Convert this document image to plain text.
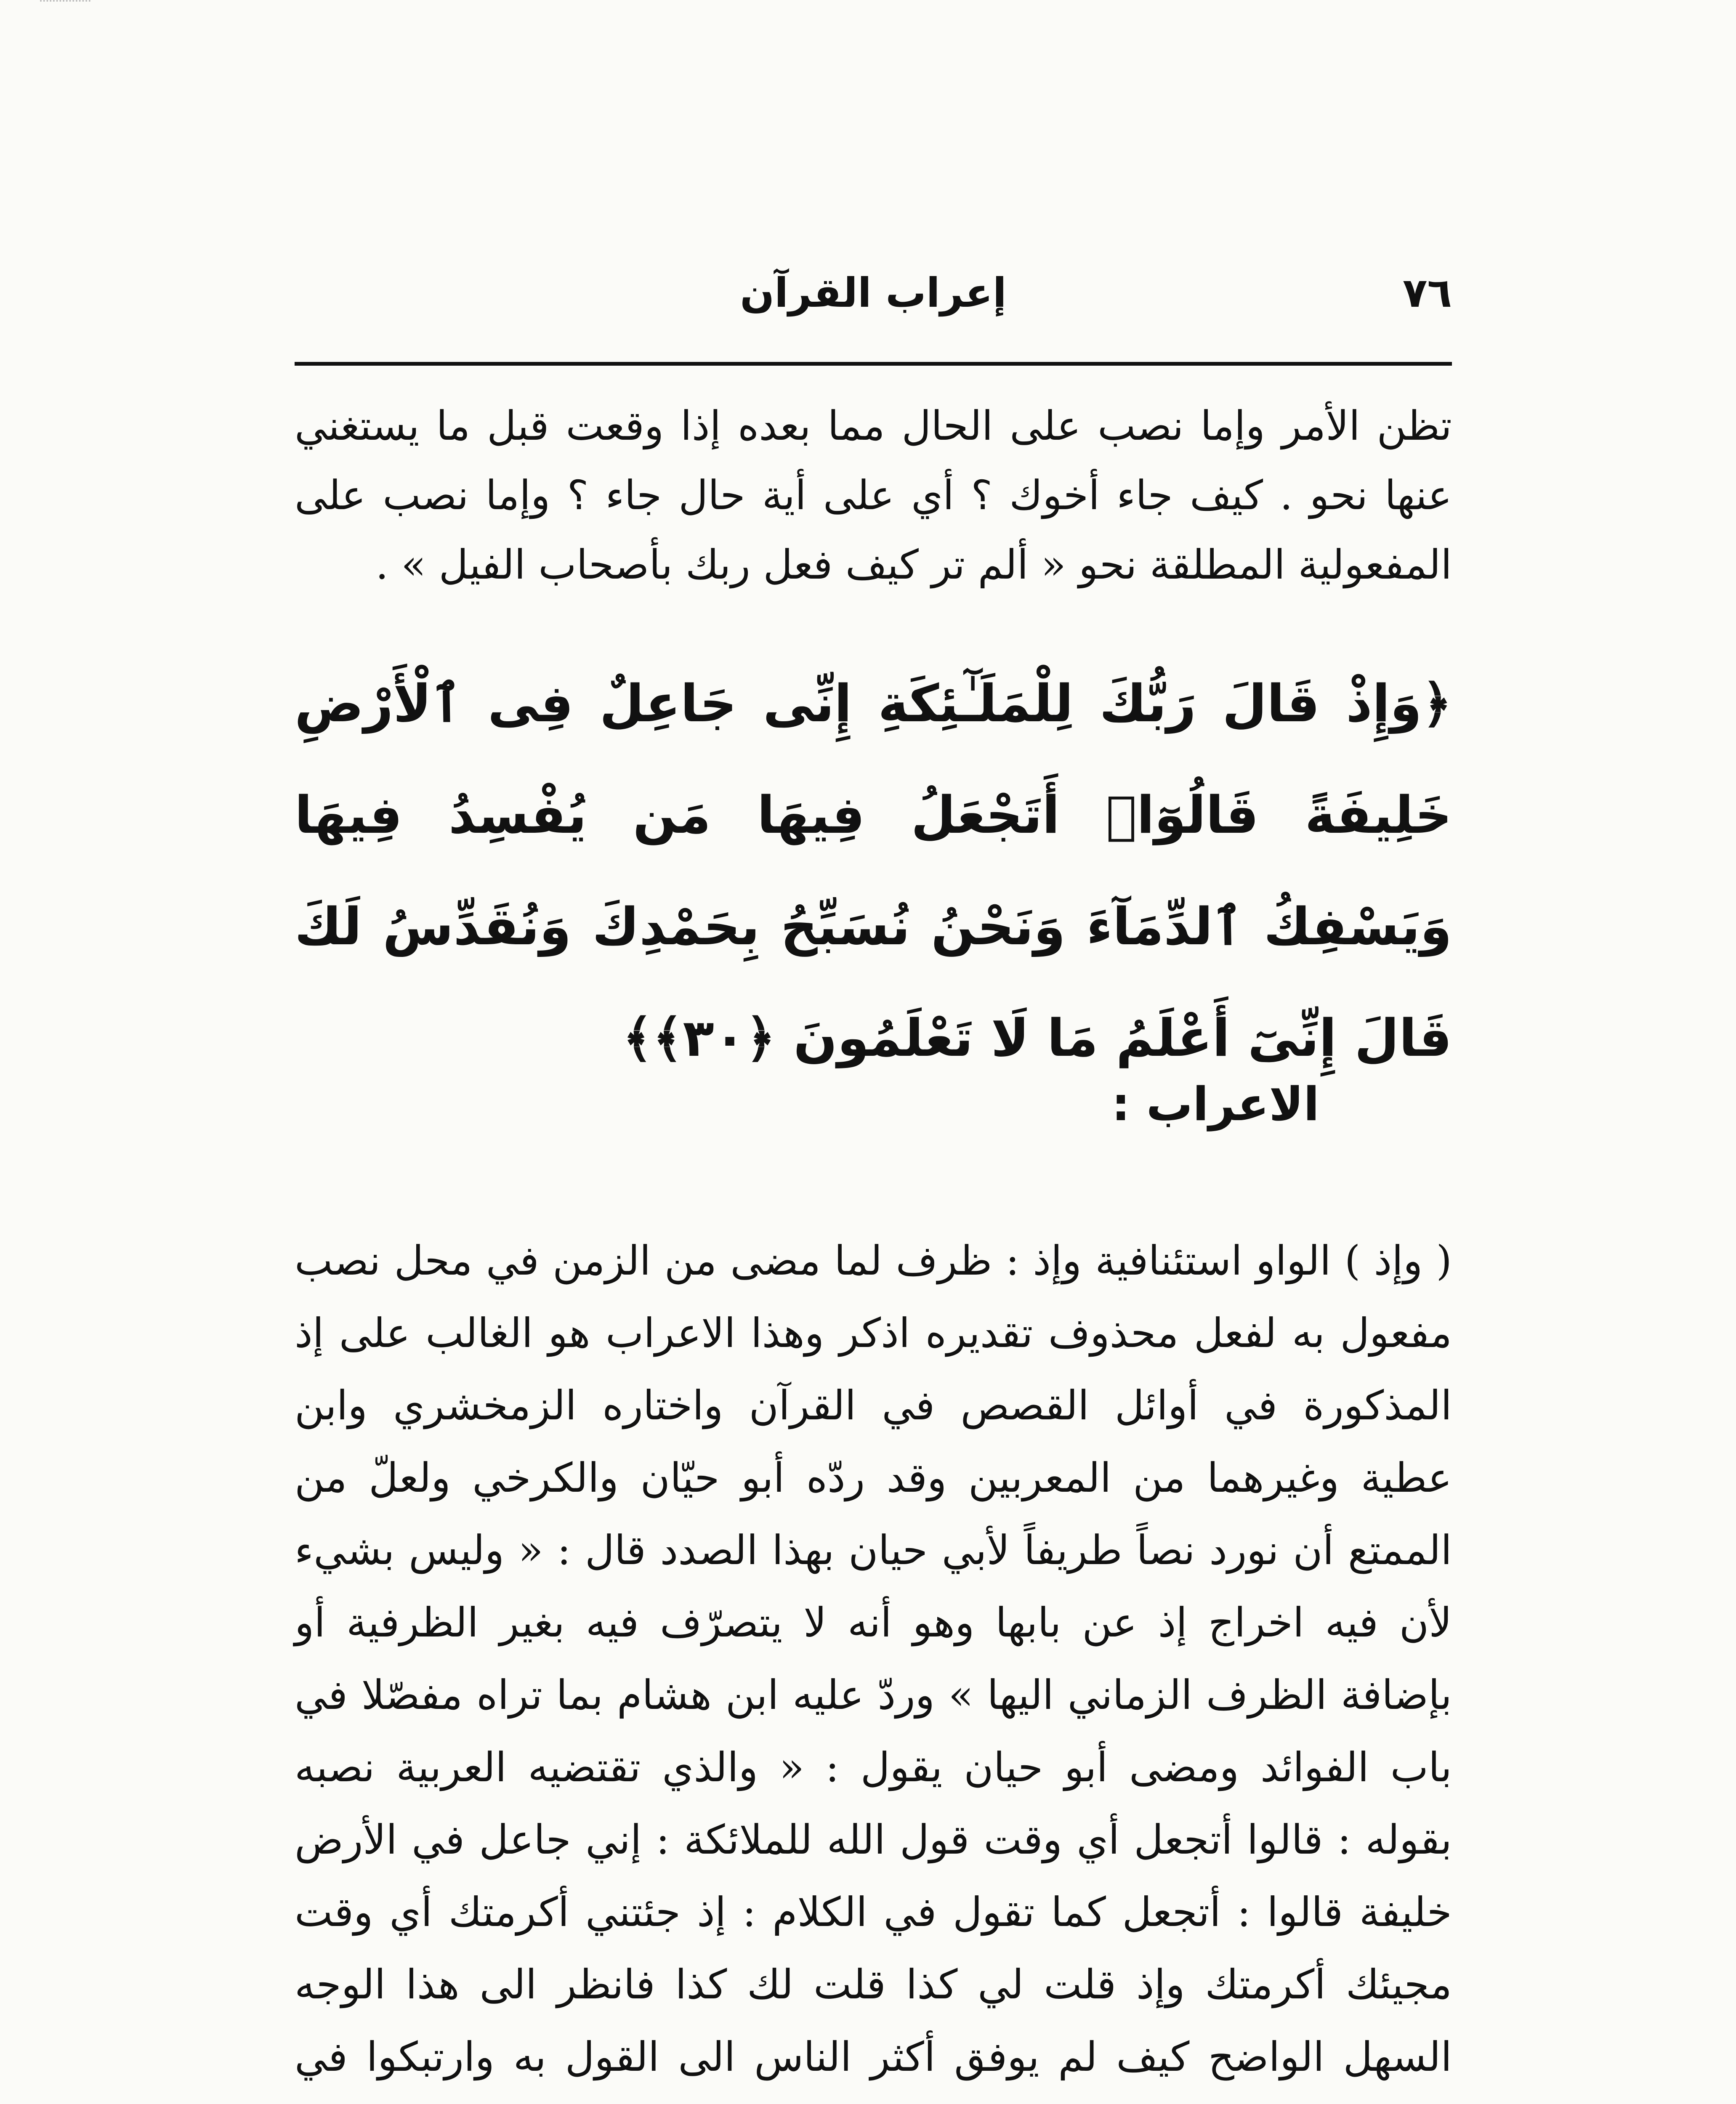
٧٦
إعراب القرآن

تظن الأمر وإما نصب على الحال مما بعده إذا وقعت قبل ما يستغني عنها نحو . كيف جاء أخوك ؟ أي على أية حال جاء ؟ وإما نصب على المفعولية المطلقة نحو « ألم تر كيف فعل ربك بأصحاب الفيل » .

﴿وَإِذْ قَالَ رَبُّكَ لِلْمَلَـٰٓئِكَةِ إِنِّى جَاعِلٌ فِى ٱلْأَرْضِ خَلِيفَةً قَالُوٓا۟ أَتَجْعَلُ فِيهَا مَن يُفْسِدُ فِيهَا وَيَسْفِكُ ٱلدِّمَآءَ وَنَحْنُ نُسَبِّحُ بِحَمْدِكَ وَنُقَدِّسُ لَكَ قَالَ إِنِّىٓ أَعْلَمُ مَا لَا تَعْلَمُونَ ﴿٣٠﴾﴾

الاعراب :

( وإذ ) الواو استئنافية وإذ : ظرف لما مضى من الزمن في محل نصب مفعول به لفعل محذوف تقديره اذكر وهذا الاعراب هو الغالب على إذ المذكورة في أوائل القصص في القرآن واختاره الزمخشري وابن عطية وغيرهما من المعربين وقد ردّه أبو حيّان والكرخي ولعلّ من الممتع أن نورد نصاً طريفاً لأبي حيان بهذا الصدد قال : « وليس بشيء لأن فيه اخراج إذ عن بابها وهو أنه لا يتصرّف فيه بغير الظرفية أو بإضافة الظرف الزماني اليها » وردّ عليه ابن هشام بما تراه مفصّلا في باب الفوائد ومضى أبو حيان يقول : « والذي تقتضيه العربية نصبه بقوله : قالوا أتجعل أي وقت قول الله للملائكة : إني جاعل في الأرض خليفة قالوا : أتجعل كما تقول في الكلام : إذ جئتني أكرمتك أي وقت مجيئك أكرمتك وإذ قلت لي كذا قلت لك كذا فانظر الى هذا الوجه السهل الواضح كيف لم يوفق أكثر الناس الى القول به وارتبكوا في
